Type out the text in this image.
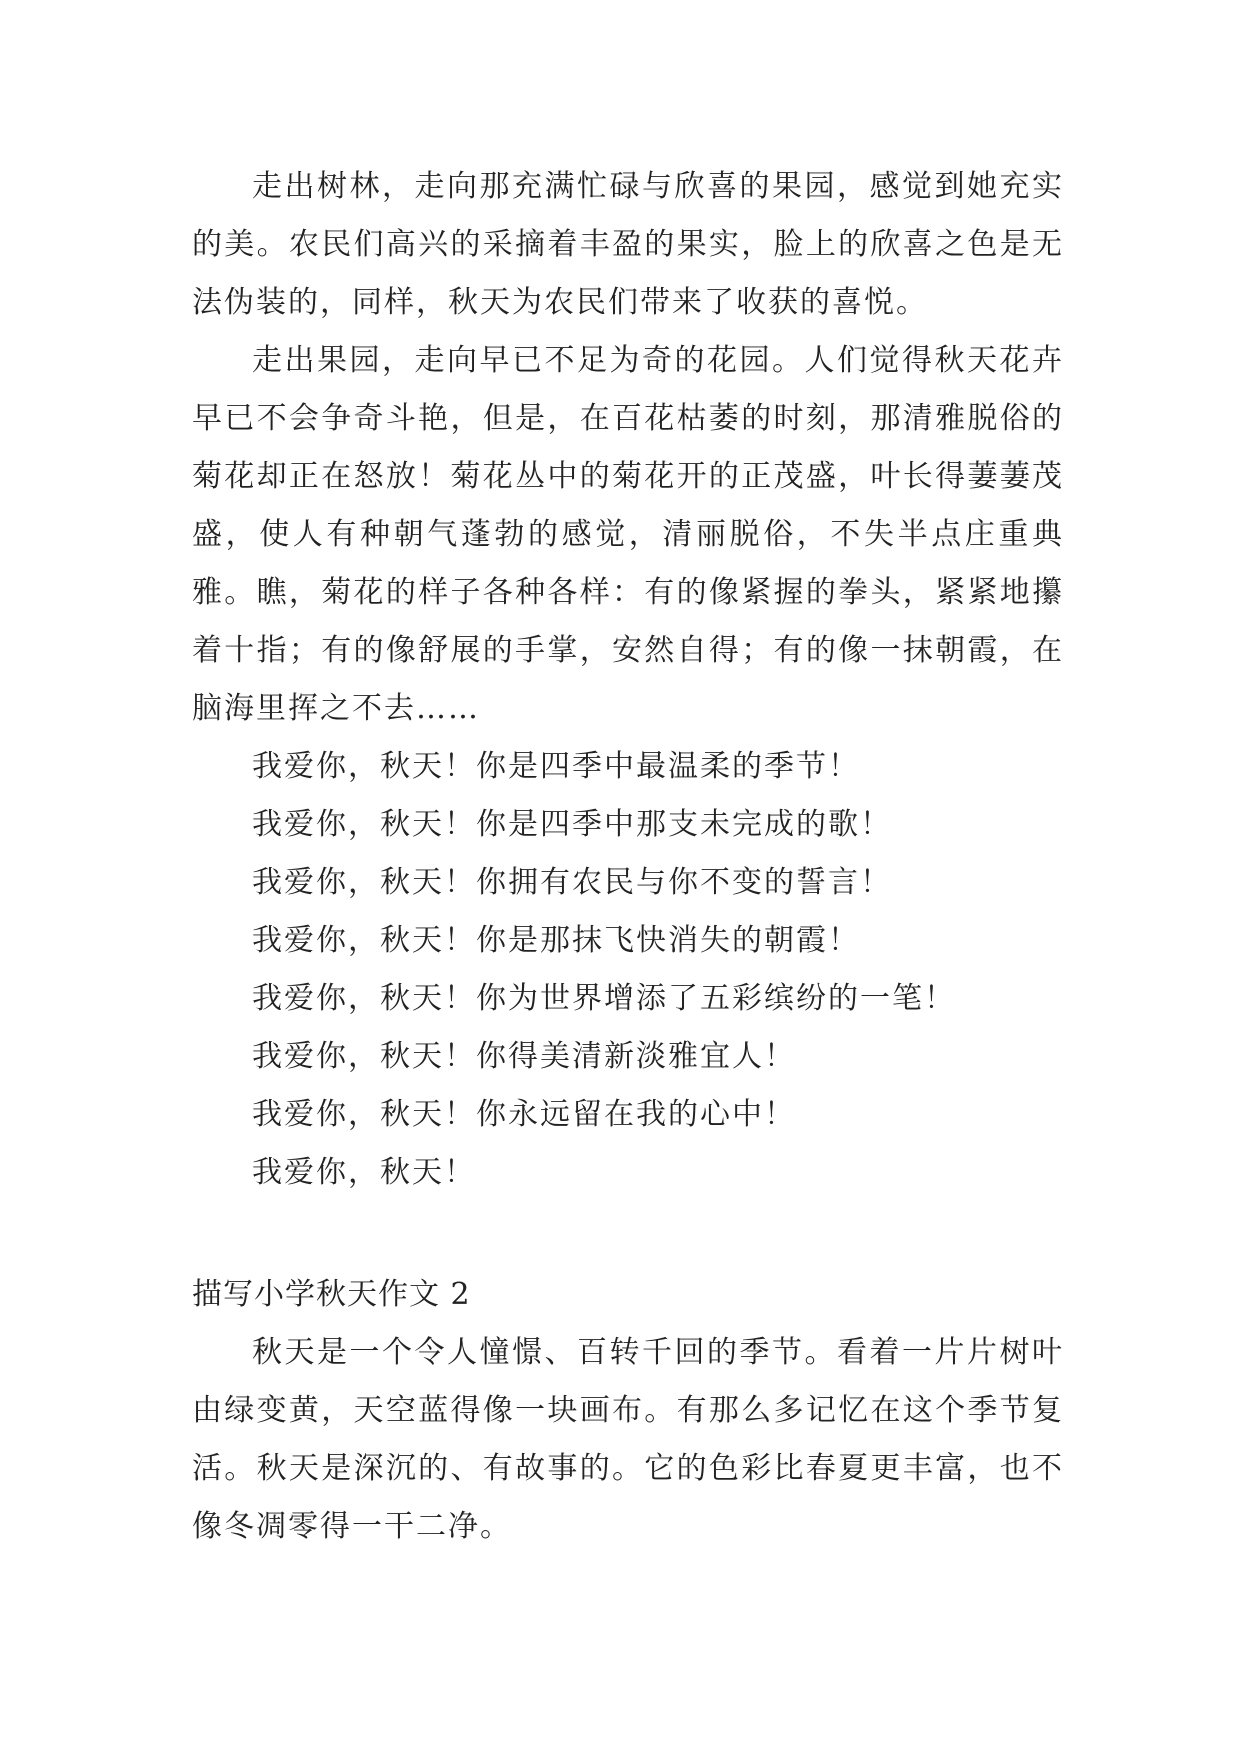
走出树林，走向那充满忙碌与欣喜的果园，感觉到她充实的美。农民们高兴的采摘着丰盈的果实，脸上的欣喜之色是无法伪装的，同样，秋天为农民们带来了收获的喜悦。

走出果园，走向早已不足为奇的花园。人们觉得秋天花卉早已不会争奇斗艳，但是，在百花枯萎的时刻，那清雅脱俗的菊花却正在怒放！菊花丛中的菊花开的正茂盛，叶长得萋萋茂盛，使人有种朝气蓬勃的感觉，清丽脱俗，不失半点庄重典雅。瞧，菊花的样子各种各样：有的像紧握的拳头，紧紧地攥着十指；有的像舒展的手掌，安然自得；有的像一抹朝霞，在脑海里挥之不去……

我爱你，秋天！你是四季中最温柔的季节！

我爱你，秋天！你是四季中那支未完成的歌！

我爱你，秋天！你拥有农民与你不变的誓言！

我爱你，秋天！你是那抹飞快消失的朝霞！

我爱你，秋天！你为世界增添了五彩缤纷的一笔！

我爱你，秋天！你得美清新淡雅宜人！

我爱你，秋天！你永远留在我的心中！

我爱你，秋天！

描写小学秋天作文 2

秋天是一个令人憧憬、百转千回的季节。看着一片片树叶由绿变黄，天空蓝得像一块画布。有那么多记忆在这个季节复活。秋天是深沉的、有故事的。它的色彩比春夏更丰富，也不像冬凋零得一干二净。
